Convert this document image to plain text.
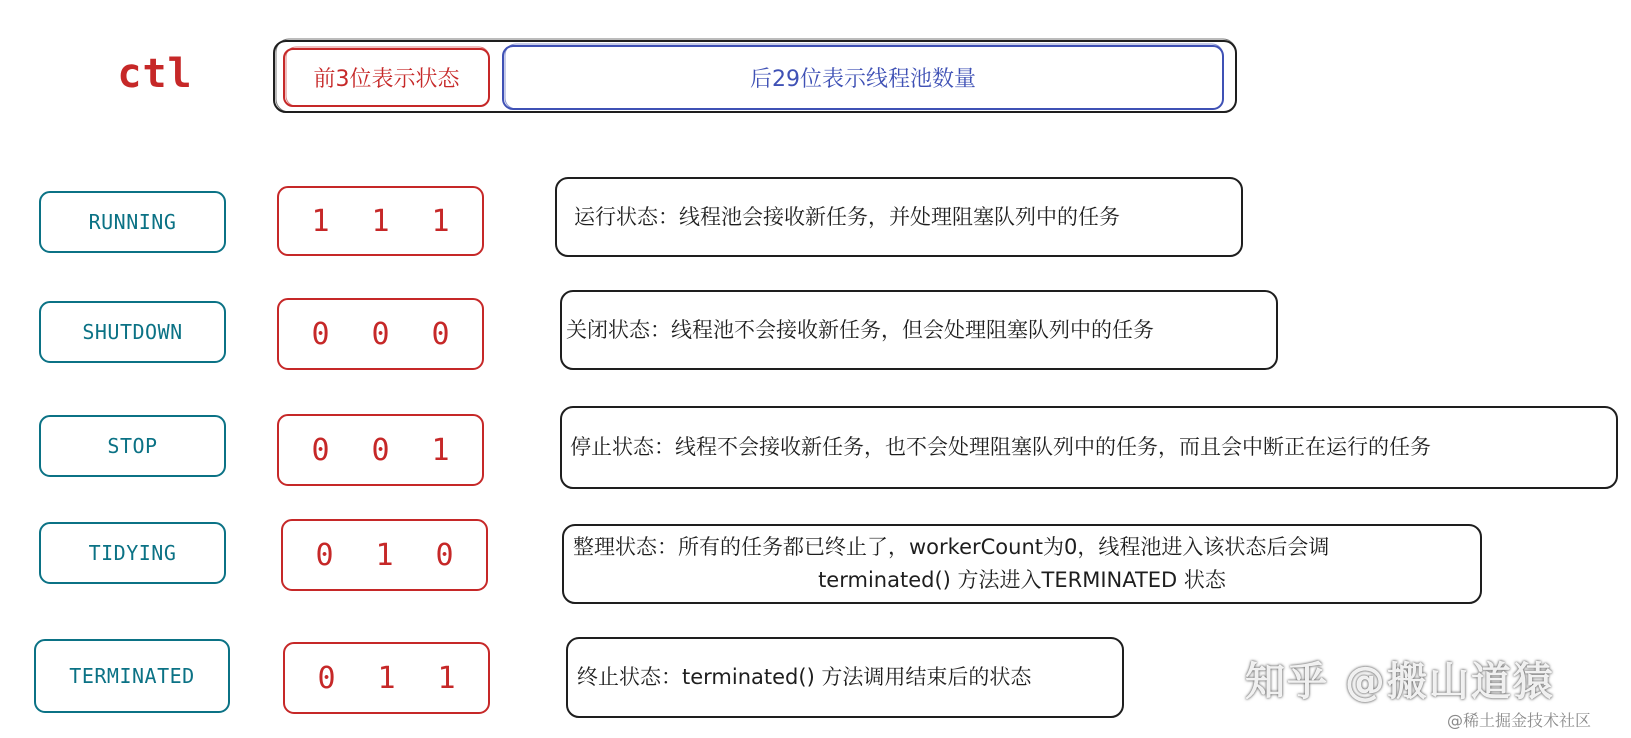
ctl	前3位表示状态	后29位表示线程池数量
RUNNING	1	1	1	运行状态：线程池会接收新任务，并处理阻塞队列中的任务
SHUTDOWN	0	0	0	关闭状态：线程池不会接收新任务，但会处理阻塞队列中的任务
STOP	0	0	1	停止状态：线程不会接收新任务，也不会处理阻塞队列中的任务，而且会中断正在运行的任务
TIDYING	0	1	0	整理状态：所有的任务都已终止了，workerCount为0，线程池进入该状态后会调
terminated() 方法进入TERMINATED 状态
TERMINATED	0	1	1	终止状态：terminated() 方法调用结束后的状态	知乎 @搬山道猿
@稀土掘金技术社区
